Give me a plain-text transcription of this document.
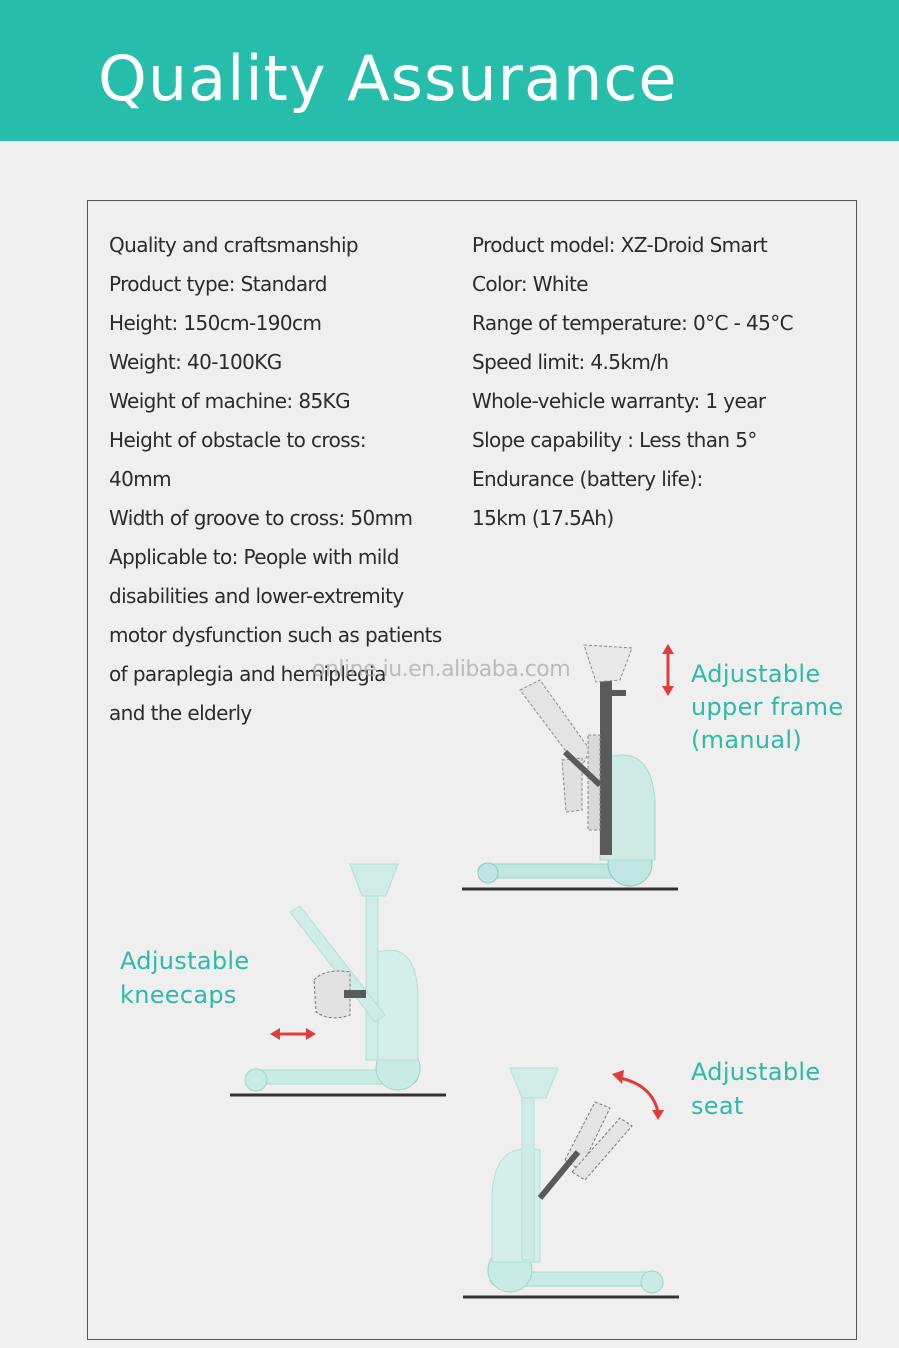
Quality Assurance
Quality and craftsmanship
Product type: Standard
Height: 150cm-190cm
Weight: 40-100KG
Weight of machine: 85KG
Height of obstacle to cross:
40mm
Width of groove to cross: 50mm
Applicable to: People with mild
disabilities and lower-extremity
motor dysfunction such as patients
of paraplegia and hemiplegia
and the elderly
Product model: XZ-Droid Smart
Color: White
Range of temperature: 0°C - 45°C
Speed limit: 4.5km/h
Whole-vehicle warranty: 1 year
Slope capability : Less than 5°
Endurance (battery life):
15km (17.5Ah)
online.iu.en.alibaba.com	Adjustable
upper frame
(manual)
Adjustable
kneecaps
Adjustable
seat
